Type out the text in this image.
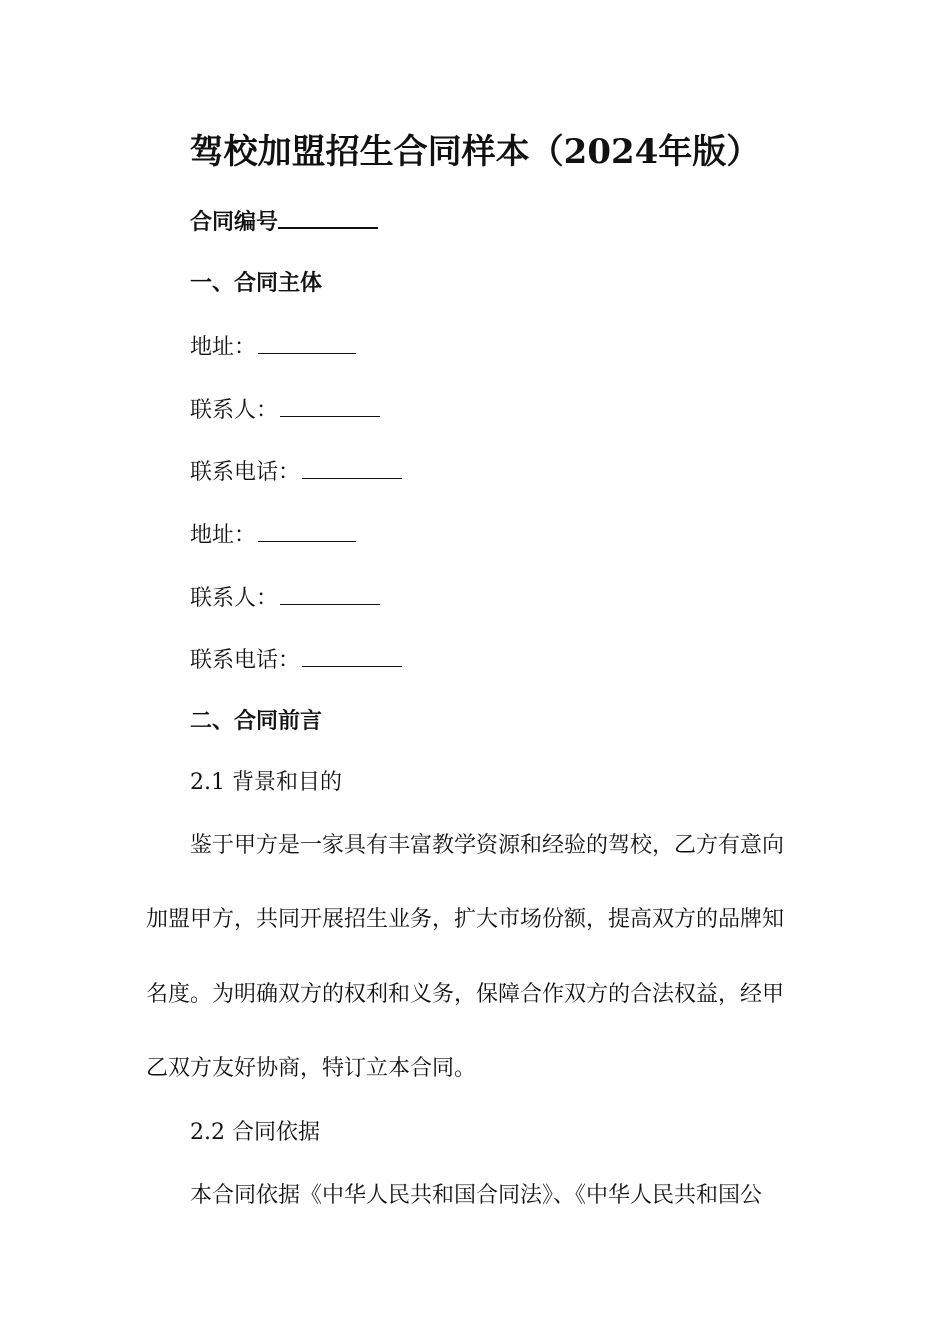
驾校加盟招生合同样本（2024年版）
合同编号
一、合同主体
地址：
联系人：
联系电话：
地址：
联系人：
联系电话：
二、合同前言
2.1 背景和目的
　　鉴于甲方是一家具有丰富教学资源和经验的驾校，乙方有意向
加盟甲方，共同开展招生业务，扩大市场份额，提高双方的品牌知
名度。为明确双方的权利和义务，保障合作双方的合法权益，经甲
乙双方友好协商，特订立本合同。
2.2 合同依据
　　本合同依据《中华人民共和国合同法》、《中华人民共和国公
